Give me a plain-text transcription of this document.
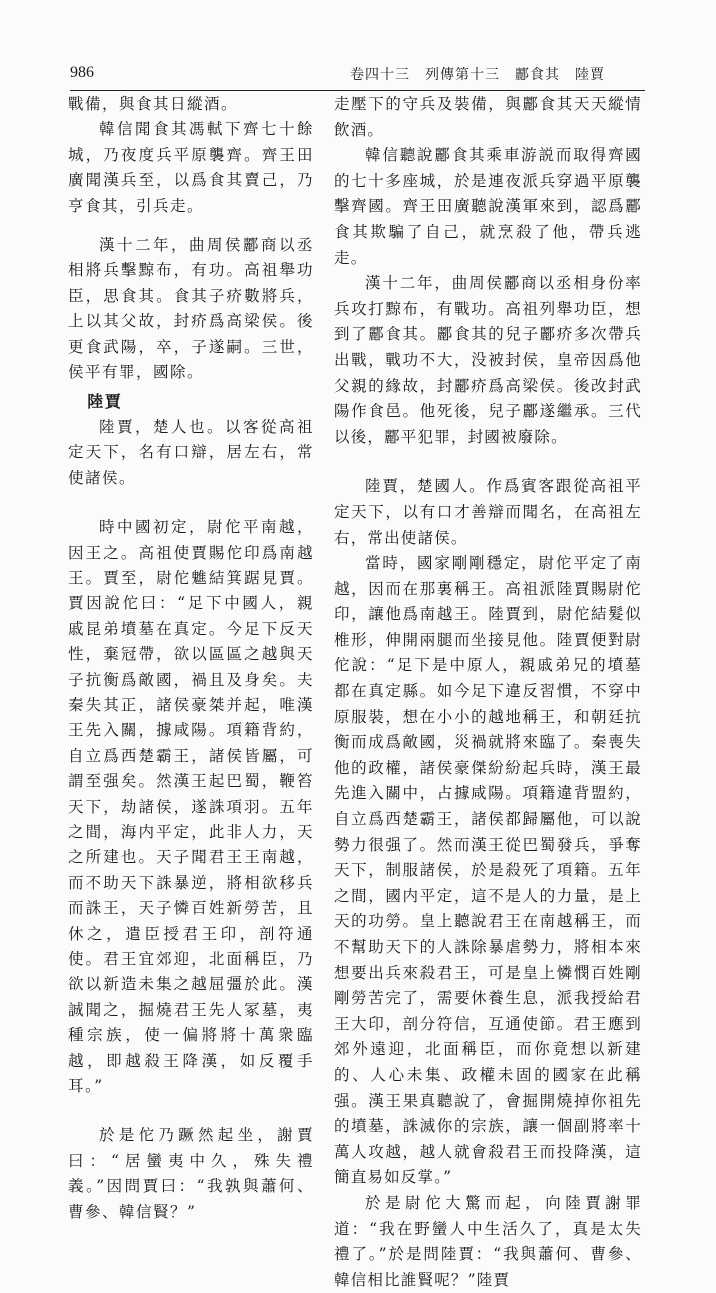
986	卷四十三　列傳第十三　酈食其　陸賈

戰備，與食其日縱酒。

韓信聞食其馮軾下齊七十餘城，乃夜度兵平原襲齊。齊王田廣聞漢兵至，以爲食其賣己，乃亨食其，引兵走。

漢十二年，曲周侯酈商以丞相將兵擊黥布，有功。高祖舉功臣，思食其。食其子疥數將兵，上以其父故，封疥爲高梁侯。後更食武陽，卒，子遂嗣。三世，侯平有罪，國除。

陸賈

陸賈，楚人也。以客從高祖定天下，名有口辯，居左右，常使諸侯。

時中國初定，尉佗平南越，因王之。高祖使賈賜佗印爲南越王。賈至，尉佗魋結箕踞見賈。賈因說佗曰：“足下中國人，親戚昆弟墳墓在真定。今足下反天性，棄冠帶，欲以區區之越與天子抗衡爲敵國，禍且及身矣。夫秦失其正，諸侯豪桀并起，唯漢王先入關，據咸陽。項籍背約，自立爲西楚霸王，諸侯皆屬，可謂至强矣。然漢王起巴蜀，鞭笞天下，劫諸侯，遂誅項羽。五年之間，海内平定，此非人力，天之所建也。天子聞君王王南越，而不助天下誅暴逆，將相欲移兵而誅王，天子憐百姓新勞苦，且休之，遣臣授君王印，剖符通使。君王宜郊迎，北面稱臣，乃欲以新造未集之越屈彊於此。漢誠聞之，掘燒君王先人冢墓，夷種宗族，使一偏將將十萬衆臨越，即越殺王降漢，如反覆手耳。”

於是佗乃蹶然起坐，謝賈曰：“居蠻夷中久，殊失禮義。”因問賈曰：“我孰與蕭何、曹參、韓信賢？”

走壓下的守兵及裝備，與酈食其天天縱情飲酒。

韓信聽說酈食其乘車游説而取得齊國的七十多座城，於是連夜派兵穿過平原襲擊齊國。齊王田廣聽說漢軍來到，認爲酈食其欺騙了自己，就烹殺了他，帶兵逃走。

漢十二年，曲周侯酈商以丞相身份率兵攻打黥布，有戰功。高祖列舉功臣，想到了酈食其。酈食其的兒子酈疥多次帶兵出戰，戰功不大，没被封侯，皇帝因爲他父親的緣故，封酈疥爲高梁侯。後改封武陽作食邑。他死後，兒子酈遂繼承。三代以後，酈平犯罪，封國被廢除。

陸賈，楚國人。作爲賓客跟從高祖平定天下，以有口才善辯而聞名，在高祖左右，常出使諸侯。

當時，國家剛剛穩定，尉佗平定了南越，因而在那裏稱王。高祖派陸賈賜尉佗印，讓他爲南越王。陸賈到，尉佗結髮似椎形，伸開兩腿而坐接見他。陸賈便對尉佗說：“足下是中原人，親戚弟兄的墳墓都在真定縣。如今足下違反習慣，不穿中原服裝，想在小小的越地稱王，和朝廷抗衡而成爲敵國，災禍就將來臨了。秦喪失他的政權，諸侯豪傑紛紛起兵時，漢王最先進入關中，占據咸陽。項籍違背盟約，自立爲西楚霸王，諸侯都歸屬他，可以說勢力很强了。然而漢王從巴蜀發兵，爭奪天下，制服諸侯，於是殺死了項籍。五年之間，國内平定，這不是人的力量，是上天的功勞。皇上聽說君王在南越稱王，而不幫助天下的人誅除暴虐勢力，將相本來想要出兵來殺君王，可是皇上憐憫百姓剛剛勞苦完了，需要休養生息，派我授給君王大印，剖分符信，互通使節。君王應到郊外遠迎，北面稱臣，而你竟想以新建的、人心未集、政權未固的國家在此稱强。漢王果真聽說了，會掘開燒掉你祖先的墳墓，誅滅你的宗族，讓一個副將率十萬人攻越，越人就會殺君王而投降漢，這簡直易如反掌。”

於是尉佗大驚而起，向陸賈謝罪道：“我在野蠻人中生活久了，真是太失禮了。”於是問陸賈：“我與蕭何、曹參、韓信相比誰賢呢？”陸賈
